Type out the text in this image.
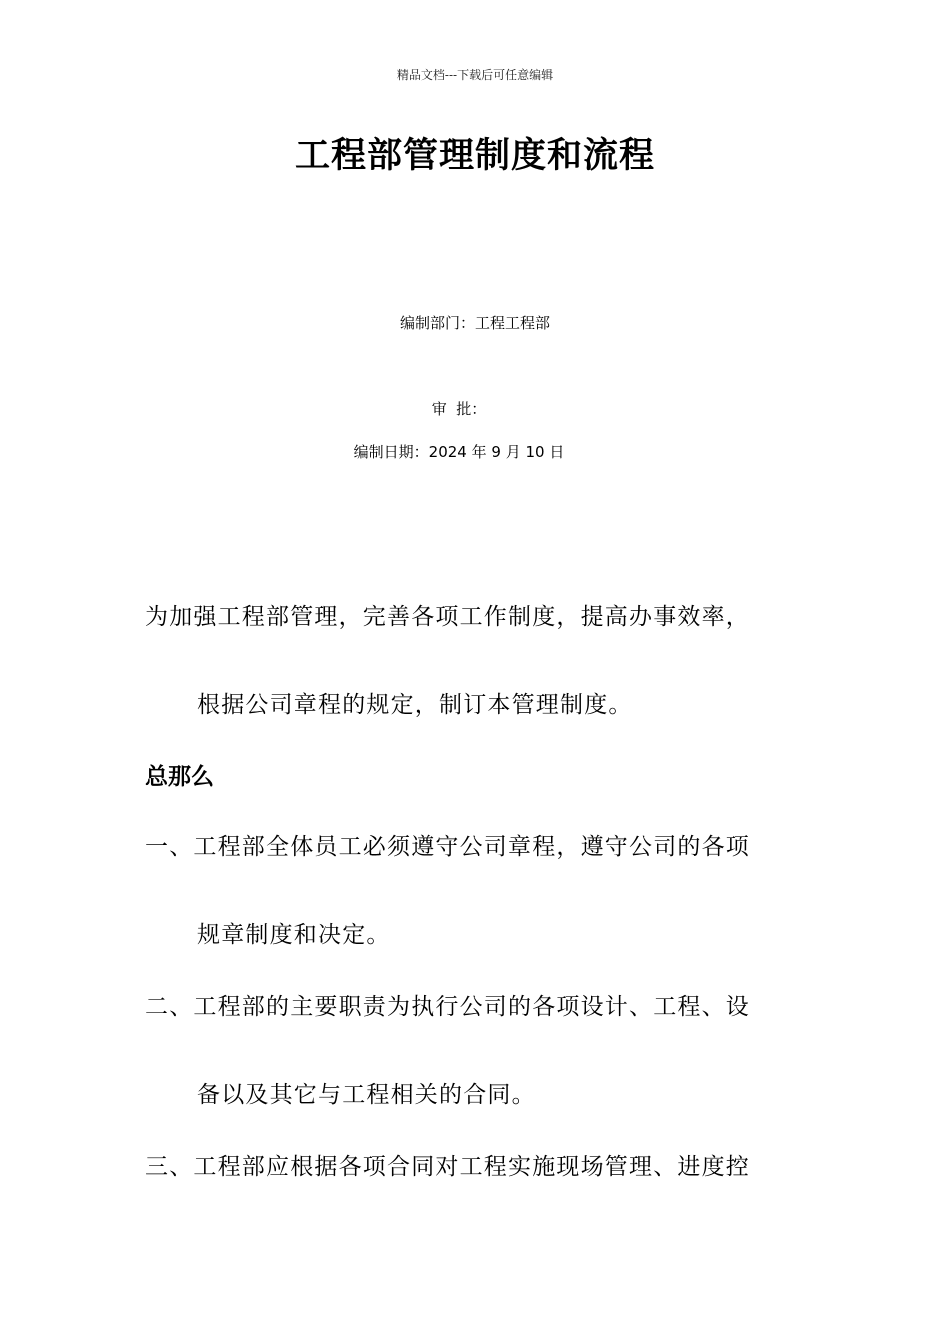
精品文档---下载后可任意编辑
工程部管理制度和流程
编制部门：工程工程部
审  批：
编制日期：2024 年 9 月 10 日
为加强工程部管理，完善各项工作制度，提高办事效率，
根据公司章程的规定，制订本管理制度。
总那么
一、工程部全体员工必须遵守公司章程，遵守公司的各项
规章制度和决定。
二、工程部的主要职责为执行公司的各项设计、工程、设
备以及其它与工程相关的合同。
三、工程部应根据各项合同对工程实施现场管理、进度控
